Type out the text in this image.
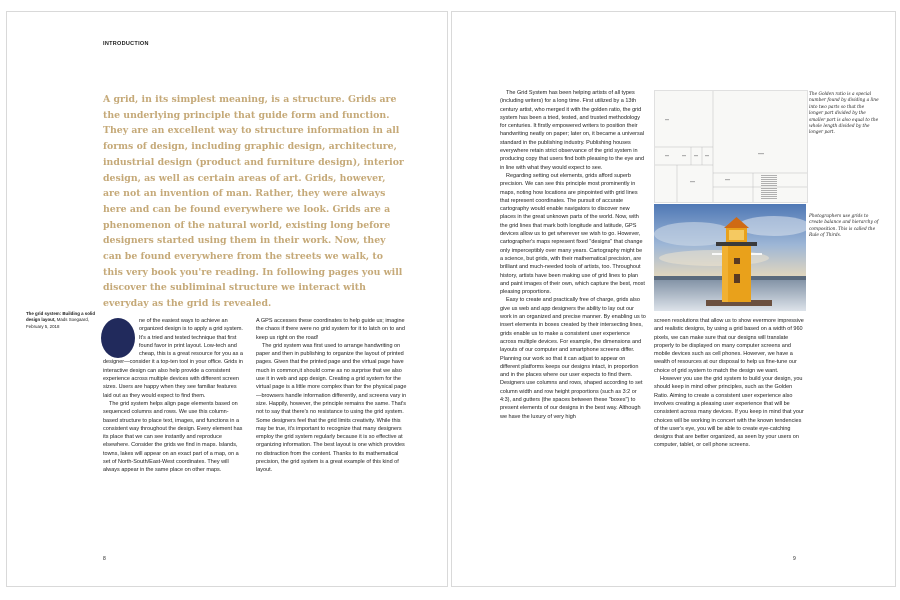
INTRODUCTION

A grid, in its simplest meaning, is a structure. Grids are the underlying principle that guide form and function. They are an excellent way to structure information in all forms of design, including graphic design, architecture, industrial design (product and furniture design), interior design, as well as certain areas of art. Grids, however, are not an invention of man. Rather, they were always here and can be found everywhere we look. Grids are a phenomenon of the natural world, existing long before designers started using them in their work. Now, they can be found everywhere from the streets we walk, to this very book you're reading. In following pages you will discover the subliminal structure we interact with everyday as the grid is revealed.

The grid system: Building a solid design layout, Mads Soegaard, February 5, 2018

ne of the easiest ways to achieve an organized design is to apply a grid system. It's a tried and tested technique that first found favor in print layout. Low-tech and cheap, this is a great resource for you as a designer—consider it a top-ten tool in your office. Grids in interactive design can also help provide a consistent experience across multiple devices with different screen sizes. Users are happy when they see familiar features laid out as they would expect to find them.

The grid system helps align page elements based on sequenced columns and rows. We use this column-based structure to place text, images, and functions in a consistent way throughout the design. Every element has its place that we can see instantly and reproduce elsewhere. Consider the grids we find in maps. Islands, towns, lakes will appear on an exact part of a map, on a set of North-South/East-West coordinates. They will always appear in the same place on other maps.

A GPS accesses these coordinates to help guide us; imagine the chaos if there were no grid system for it to latch on to and keep us right on the road!

The grid system was first used to arrange handwriting on paper and then in publishing to organize the layout of printed pages. Given that the printed page and the virtual page have much in common,it should come as no surprise that we also use it in web and app design. Creating a grid system for the virtual page is a little more complex than for the physical page—browsers handle information differently, and screens vary in size. Happily, however, the principle remains the same. That's not to say that there's no resistance to using the grid system. Some designers feel that the grid limits creativity. While this may be true, it's important to recognize that many designers employ the grid system regularly because it is so effective at organizing information. The best layout is one which provides no distraction from the content. Thanks to its mathematical precision, the grid system is a great example of this kind of layout.

8

The Grid System has been helping artists of all types (including writers) for a long time. First utilized by a 13th century artist, who merged it with the golden ratio, the grid system has been a tried, tested, and trusted methodology for centuries. It firstly empowered writers to position their handwriting neatly on paper; later on, it became a universal standard in the publishing industry. Publishing houses everywhere retain strict observance of the grid system in producing copy that users find both pleasing to the eye and in line with what they would expect to see.

Regarding setting out elements, grids afford superb precision. We can see this principle most prominently in maps, noting how locations are pinpointed with grid lines that represent coordinates. The pursuit of accurate cartography would enable navigators to discover new places in the great unknown parts of the world. Now, with the grid lines that mark both longitude and latitude, GPS devices allow us to get wherever we wish to go. However, cartographer's maps represent fixed "designs" that change only imperceptibly over many years. Cartography might be a science, but grids, with their mathematical precision, are brilliant and much-needed tools of artists, too. Throughout history, artists have been making use of grid lines to plan and paint images of their own, which capture the best, most pleasing proportions.

Easy to create and practically free of charge, grids also give us web and app designers the ability to lay out our work in an organized and precise manner. By enabling us to insert elements in boxes created by their intersecting lines, grids enable us to make a consistent user experience across multiple devices. For example, the dimensions and layouts of our computer and smartphone screens differ. Planning our work so that it can adjust to appear on different platforms keeps our designs intact, in proportion and in the places where our user expects to find them. Designers use columns and rows, shaped according to set column width and row height proportions (such as 3:2 or 4:3), and gutters (the spaces between these "boxes") to present elements of our designs in the best way. Although we have the luxury of very high

The Golden ratio is a special number found by dividing a line into two parts so that the longer part divided by the smaller part is also equal to the whole length divided by the longer part.
Photographers use grids to create balance and hierarchy of composition. This is called the Rule of Thirds.

screen resolutions that allow us to show evermore impressive and realistic designs, by using a grid based on a width of 960 pixels, we can make sure that our designs will translate properly to be displayed on many computer screens and mobile devices such as cell phones. However, we have a wealth of resources at our disposal to help us fine-tune our choice of grid system to match the design we want.

However you use the grid system to build your design, you should keep in mind other principles, such as the Golden Ratio. Aiming to create a consistent user experience also involves creating a pleasing user experience that will be consistent across many devices. If you keep in mind that your choices will be working in concert with the known tendencies of the user's eye, you will be able to create eye-catching designs that are better organized, as seen by your users on computer, tablet, or cell phone screens.

9
